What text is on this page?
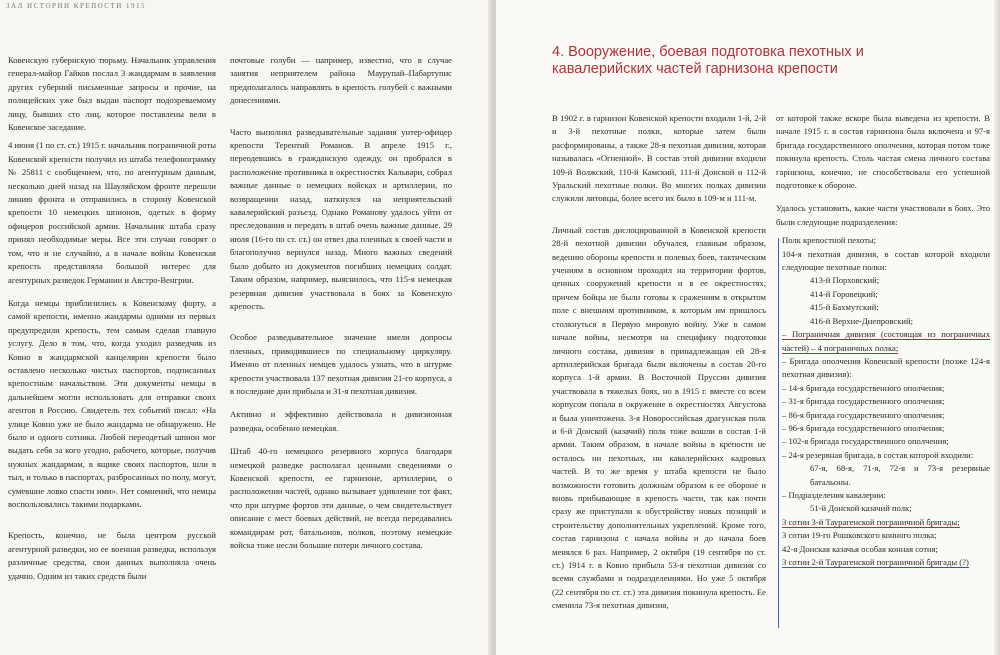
ЗАЛ ИСТОРИИ КРЕПОСТИ 1915

Ковенскую губернскую тюрьму. Начальник управления генерал-майор Гайков послал 3 жандармам в заявления других губерний письменные запросы и прочие, на полицейских уже был выдан паспорт подозреваемому лицу, бывших сто лиц, которое поставлены вели в Ковенское заседание.

4 июня (1 по ст. ст.) 1915 г. начальник пограничной роты Ковенской крепости получил из штаба телефонограмму № 25811 с сообщением, что, по агентурным данным, несколько дней назад на Шауляйском фронте перешли линию фронта и отправились в сторону Ковенской крепости 10 немецких шпионов, одетых в форму офицеров российской армии. Начальник штаба сразу принял необходимые меры. Все эти случаи говорят о том, что и не случайно, а в начале войны Ковенская крепость представляла большой интерес для агентурных разведок Германии и Австро-Венгрии.

Когда немцы приблизились к Ковенскому форту, а самой крепости, именно жандармы одними из первых предупредили крепость, тем самым сделав главную услугу. Дело в том, что, когда уходил разведчик из Ковно в жандармской канцелярии крепости было оставлено несколько чистых паспортов, подписанных крепостным начальством. Эти документы немцы в дальнейшем могли использовать для отправки своих агентов в Россию. Свидетель тех событий писал: «На улице Ковно уже не было жандарма не обнаружено. Не было и одного сотника. Любой переодетый шпион мог выдать себя за кого угодно, рабочего, которые, получив нужных жандармам, в ящике своих паспортов, шли в тыл, и только в паспортах, разбросанных по полу, могут, сумевшие ловко спасти ими». Нет сомнений, что немцы воспользовались такими подарками.

Крепость, конечно, не была центром русской агентурной разведки, но ее военная разведка, используя различные средства, свои данных выполняла очень удачно. Одним из таких средств были

почтовые голуби — например, известно, что в случае занятия неприятелем района Маурупай–Пабартупис предполагалось направлять в крепость голубей с важными донесениями.

Часто выполнял разведывательные задания унтер-офицер крепости Терентий Романов. В апреле 1915 г., переодевшись в гражданскую одежду, он пробрался в расположение противника в окрестностях Кальвари, собрал важные данные о немецких войсках и артиллерии, по возвращении назад, наткнулся на неприятельский кавалерийский разъезд. Однако Романову удалось уйти от преследования и передать в штаб очень важные данные. 29 июля (16-го по ст. ст.) он отвез два пленных к своей части и благополучно вернулся назад. Много важных сведений было добыто из документов погибших немецких солдат. Таким образом, например, выяснилось, что 115-я немецкая резервная дивизия участвовала в боях за Ковенскую крепость.

Особое разведывательное значение имели допросы пленных, приводившиеся по специальному циркуляру. Именно от пленных немцев удалось узнать, что в штурме крепости участвовала 137 пехотная дивизия 21-го корпуса, а в последние дни прибыла и 31-я пехотная дивизия.

Активно и эффективно действовала и дивизионная разведка, особенно немецкая.

Штаб 40-го немецкого резервного корпуса благодаря немецкой разведке располагал ценными сведениями о Ковенской крепости, ее гарнизоне, артиллерии, о расположении частей, однако вызывает удивление тот факт, что при штурме фортов эти данные, о чем свидетельствует описание с мест боевых действий, не всегда передавались командирам рот, батальонов, полков, поэтому немецкие войска тоже несли большие потери личного состава.

4. Вооружение, боевая подготовка пехотных и кавалерийских частей гарнизона крепости

В 1902 г. в гарнизон Ковенской крепости входили 1-й, 2-й и 3-й пехотные полки, которые затем были расформированы, а также 28-я пехотная дивизия, которая называлась «Огненной». В состав этой дивизии входили 109-й Волжский, 110-й Камский, 111-й Донской и 112-й Уральский пехотные полки. Во многих полках дивизии служили литовцы, более всего их было в 109-м и 111-м.

Личный состав дислоцированной в Ковенской крепости 28-й пехотной дивизии обучался, главным образом, ведению обороны крепости и полевых боев, тактическим учениям в основном проходил на территории фортов, ценных сооружений крепости и в ее окрестностях, причем бойцы не были готовы к сражениям в открытом поле с внешним противником, к которым им пришлось столкнуться в Первую мировую войну. Уже в самом начале войны, несмотря на специфику подготовки личного состава, дивизия в принадлежащая ей 28-я артиллерийская бригада были включены в состав 20-го корпуса 1-й армии. В Восточной Пруссии дивизия участвовала в тяжелых боях, но в 1915 г. вместе со всем корпусом попала в окружение в окрестностях Августова и была уничтожена. 3-я Новороссийская драгунская полк и 6-й Донской (казачий) полк тоже вошли в состав 1-й армии. Таким образом, в начале войны в крепости не осталось ни пехотных, ни кавалерийских кадровых частей. В то же время у штаба крепости не было возможности готовить должным образом к ее обороне и вновь прибывающие в крепость части, так как почти сразу же приступали к обустройству новых позиций и строительству дополнительных укреплений. Кроме того, состав гарнизона с начала войны и до начала боев менялся 6 раз. Например, 2 октября (19 сентября по ст. ст.) 1914 г. в Ковно прибыла 53-я пехотная дивизия со всеми службами и подразделениями. Но уже 5 октября (22 сентября по ст. ст.) эта дивизия покинула крепость. Ее сменила 73-я пехотная дивизия,

от которой также вскоре была выведена из крепости. В начале 1915 г. в состав гарнизона была включена и 97-я бригада государственного ополчения, которая потом тоже покинула крепость. Столь частая смена личного состава гарнизона, конечно, не способствовала его успешной подготовке к обороне.

Удалось установить, какие части участвовали в боях. Это были следующие подразделения:

Полк крепостной пехоты;
104-я пехотная дивизия, в состав которой входили следующие пехотные полки:
413-й Порховский;
414-й Горовецкий;
415-й Бахмутский;
416-й Верхне-Днепровский;
– Пограничная дивизия (состоящая из пограничных частей) – 4 пограничных полка;
– Бригада ополчения Ковенской крепости (позже 124-я пехотная дивизия):
– 14-я бригада государственного ополчения;
– 31-я бригада государственного ополчения;
– 86-я бригада государственного ополчения;
– 96-я бригада государственного ополчения;
– 102-я бригада государственного ополчения;
– 24-я резервная бригада, в состав которой входили:
67-я, 68-я, 71-я, 72-я и 73-я резервные батальоны.
– Подразделения кавалерии:
51-й Донской казачий полк;
3 сотни 3-й Таурагенской пограничной бригады;
3 сотни 19-го Рошковского конного полка;
42-я Донская казачья особая конная сотня;
3 сотни 2-й Таурагенской пограничной бригады (?)
